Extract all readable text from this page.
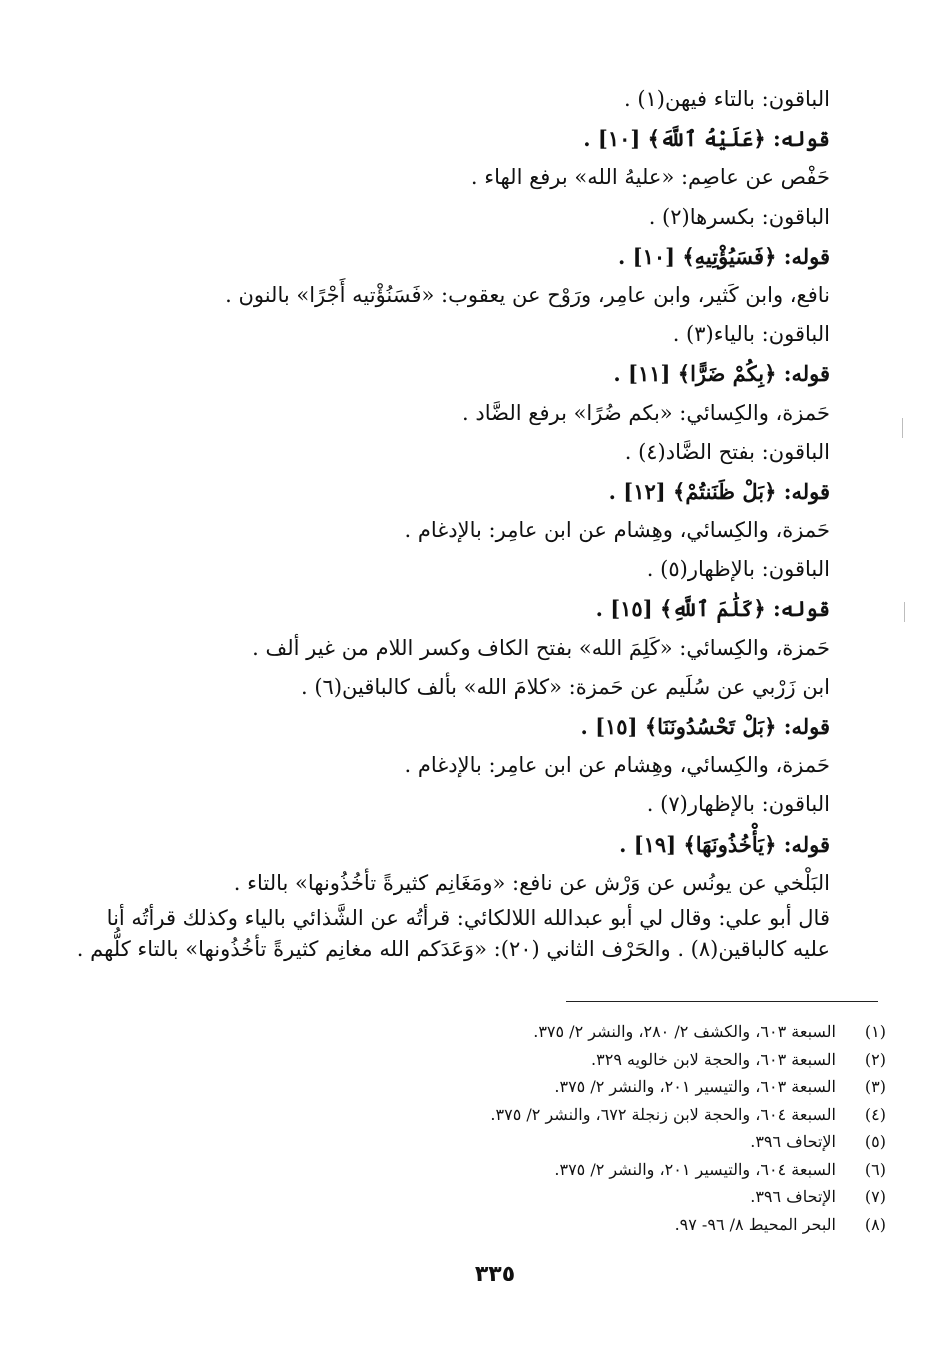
الباقون: بالتاء فيهن(١) .
قوله: ﴿عَلَيْهُ ٱللَّهَ﴾ [١٠] .
حَفْص عن عاصِم: «عليهُ الله» برفع الهاء .
الباقون: بكسرها(٢) .
قوله: ﴿فَسَيُؤْتِيهِ﴾ [١٠] .
نافع، وابن كَثير، وابن عامِر، ورَوْح عن يعقوب: «فَسَنُؤْتيه أَجْرًا» بالنون .
الباقون: بالياء(٣) .
قوله: ﴿بِكُمْ ضَرًّا﴾ [١١] .
حَمزة، والكِسائي: «بكم ضُرًا» برفع الضَّاد .
الباقون: بفتح الضَّاد(٤) .
قوله: ﴿بَلْ ظَنَنتُمْ﴾ [١٢] .
حَمزة، والكِسائي، وهِشام عن ابن عامِر: بالإدغام .
الباقون: بالإظهار(٥) .
قوله: ﴿كَلَٰمَ ٱللَّهِ﴾ [١٥] .
حَمزة، والكِسائي: «كَلِمَ الله» بفتح الكاف وكسر اللام من غير ألف .
ابن زَرْبي عن سُلَيم عن حَمزة: «كلامَ الله» بألف كالباقين(٦) .
قوله: ﴿بَلْ تَحْسُدُونَنَا﴾ [١٥] .
حَمزة، والكِسائي، وهِشام عن ابن عامِر: بالإدغام .
الباقون: بالإظهار(٧) .
قوله: ﴿يَأْخُذُونَهَا﴾ [١٩] .
البَلْخي عن يونُس عن وَرْش عن نافع: «ومَغَانِم كثيرةً تأخُذُونها» بالتاء .
قال أبو علي: وقال لي أبو عبدالله اللالكائي: قرأتُه عن الشَّذائي بالياء وكذلك قرأتُه أنا
عليه كالباقين(٨) . والحَرْف الثاني (٢٠): «وَعَدَكم الله مغانِم كثيرةً تأخُذُونها» بالتاء كلُّهم .
(١)
السبعة ٦٠٣، والكشف ٢/ ٢٨٠، والنشر ٢/ ٣٧٥.
(٢)
السبعة ٦٠٣، والحجة لابن خالويه ٣٢٩.
(٣)
السبعة ٦٠٣، والتيسير ٢٠١، والنشر ٢/ ٣٧٥.
(٤)
السبعة ٦٠٤، والحجة لابن زنجلة ٦٧٢، والنشر ٢/ ٣٧٥.
(٥)
الإتحاف ٣٩٦.
(٦)
السبعة ٦٠٤، والتيسير ٢٠١، والنشر ٢/ ٣٧٥.
(٧)
الإتحاف ٣٩٦.
(٨)
البحر المحيط ٨/ ٩٦- ٩٧.
٣٣٥
